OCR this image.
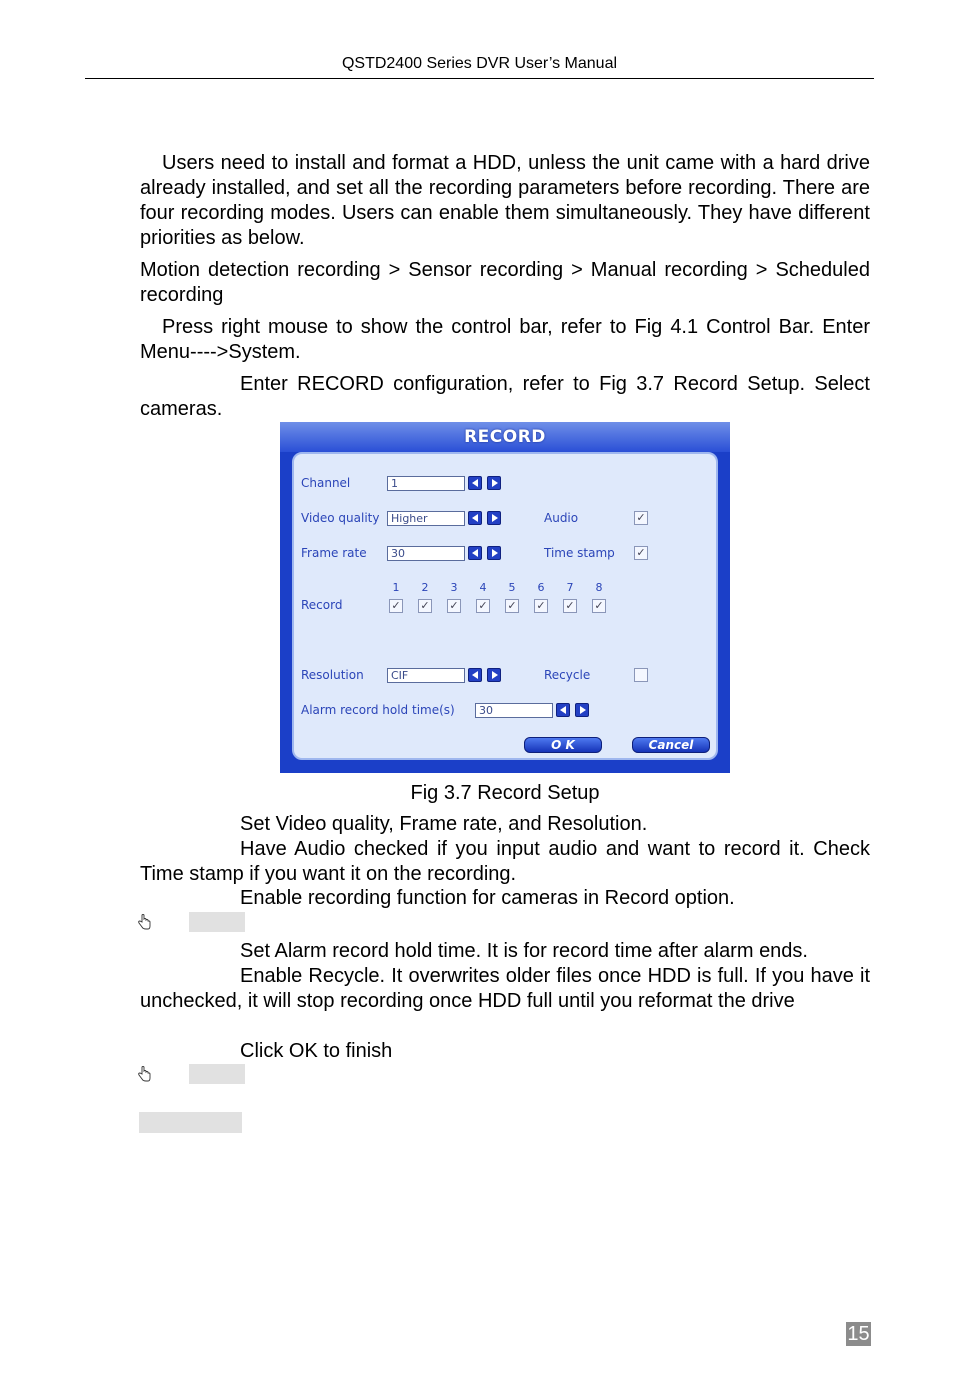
QSTD2400 Series DVR User’s Manual

Users need to install and format a HDD, unless the unit came with a hard drive already installed, and set all the recording parameters before recording. There are four recording modes. Users can enable them simultaneously. They have different priorities as below.

Motion detection recording > Sensor recording > Manual recording > Scheduled recording

Press right mouse to show the control bar, refer to Fig 4.1 Control Bar. Enter Menu---->System.

Enter RECORD configuration, refer to Fig 3.7 Record Setup. Select cameras.

RECORD
Channel	1
Video quality	Higher	Audio	✓
Frame rate	30	Time stamp ✓
Record
1	2	3	4	5	6	7	8
✓ ✓ ✓ ✓ ✓ ✓ ✓ ✓
Resolution	CIF	Recycle
Alarm record hold time(s)	30
O K	Cancel
Fig 3.7 Record Setup

Set Video quality, Frame rate, and Resolution.

Have Audio checked if you input audio and want to record it. Check Time stamp if you want it on the recording.

Enable recording function for cameras in Record option.

Set Alarm record hold time. It is for record time after alarm ends.

Enable Recycle. It overwrites older files once HDD is full. If you have it unchecked, it will stop recording once HDD full until you reformat the drive

Click OK to finish

15
